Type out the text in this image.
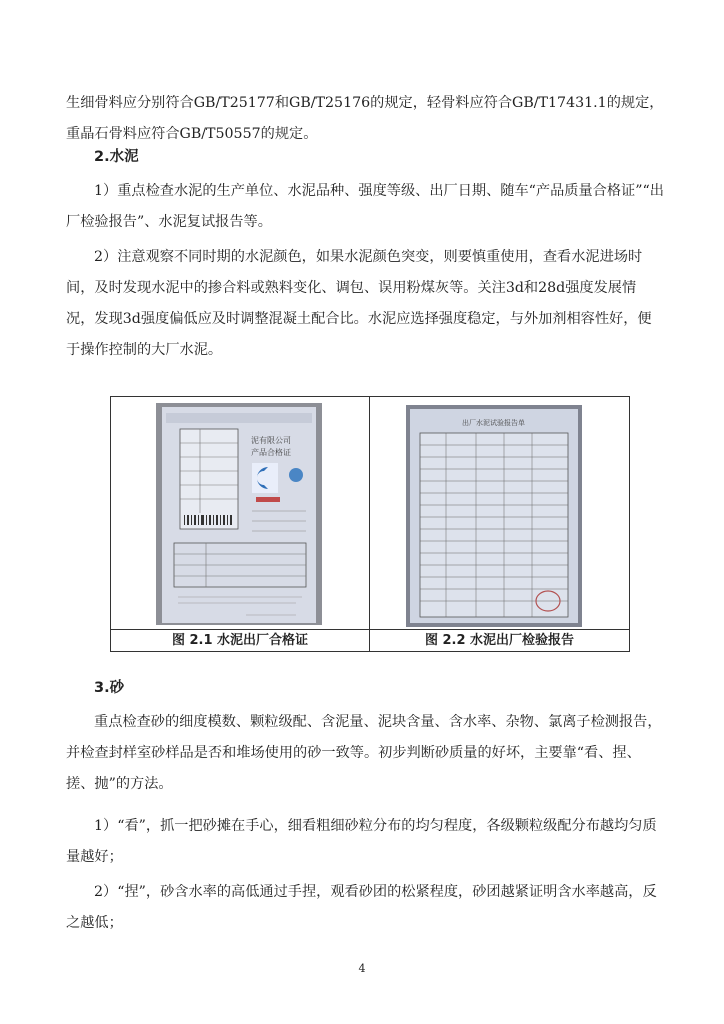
生细骨料应分别符合GB/T25177和GB/T25176的规定，轻骨料应符合GB/T17431.1的规定，重晶石骨料应符合GB/T50557的规定。

2.水泥

1）重点检查水泥的生产单位、水泥品种、强度等级、出厂日期、随车“产品质量合格证”“出厂检验报告”、水泥复试报告等。

2）注意观察不同时期的水泥颜色，如果水泥颜色突变，则要慎重使用，查看水泥进场时间，及时发现水泥中的掺合料或熟料变化、调包、误用粉煤灰等。关注3d和28d强度发展情况，发现3d强度偏低应及时调整混凝土配合比。水泥应选择强度稳定，与外加剂相容性好，便于操作控制的大厂水泥。

泥有限公司
产品合格证
出厂水泥试验报告单
图 2.1 水泥出厂合格证	图 2.2 水泥出厂检验报告

3.砂

重点检查砂的细度模数、颗粒级配、含泥量、泥块含量、含水率、杂物、氯离子检测报告，并检查封样室砂样品是否和堆场使用的砂一致等。初步判断砂质量的好坏，主要靠“看、捏、搓、抛”的方法。

1）“看”，抓一把砂摊在手心，细看粗细砂粒分布的均匀程度，各级颗粒级配分布越均匀质量越好；

2）“捏”，砂含水率的高低通过手捏，观看砂团的松紧程度，砂团越紧证明含水率越高，反之越低；

4
